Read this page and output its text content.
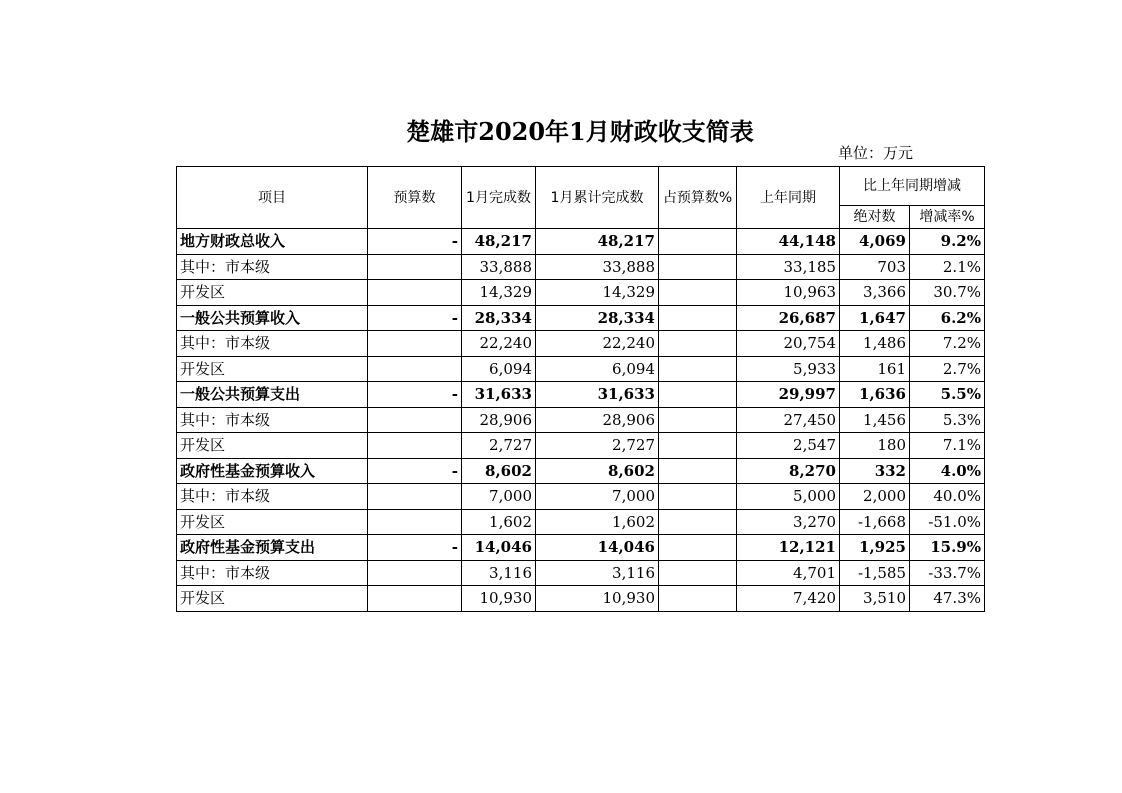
楚雄市2020年1月财政收支简表
单位：万元
项目	预算数	1月完成数	1月累计完成数	占预算数%	上年同期	比上年同期增减	
						绝对数	增减率%
地方财政总收入	-	48,217	48,217		44,148	4,069	9.2%
其中：市本级		33,888	33,888		33,185	703	2.1%
开发区		14,329	14,329		10,963	3,366	30.7%
一般公共预算收入	-	28,334	28,334		26,687	1,647	6.2%
其中：市本级		22,240	22,240		20,754	1,486	7.2%
开发区		6,094	6,094		5,933	161	2.7%
一般公共预算支出	-	31,633	31,633		29,997	1,636	5.5%
其中：市本级		28,906	28,906		27,450	1,456	5.3%
开发区		2,727	2,727		2,547	180	7.1%
政府性基金预算收入	-	8,602	8,602		8,270	332	4.0%
其中：市本级		7,000	7,000		5,000	2,000	40.0%
开发区		1,602	1,602		3,270	-1,668	-51.0%
政府性基金预算支出	-	14,046	14,046		12,121	1,925	15.9%
其中：市本级		3,116	3,116		4,701	-1,585	-33.7%
开发区		10,930	10,930		7,420	3,510	47.3%
